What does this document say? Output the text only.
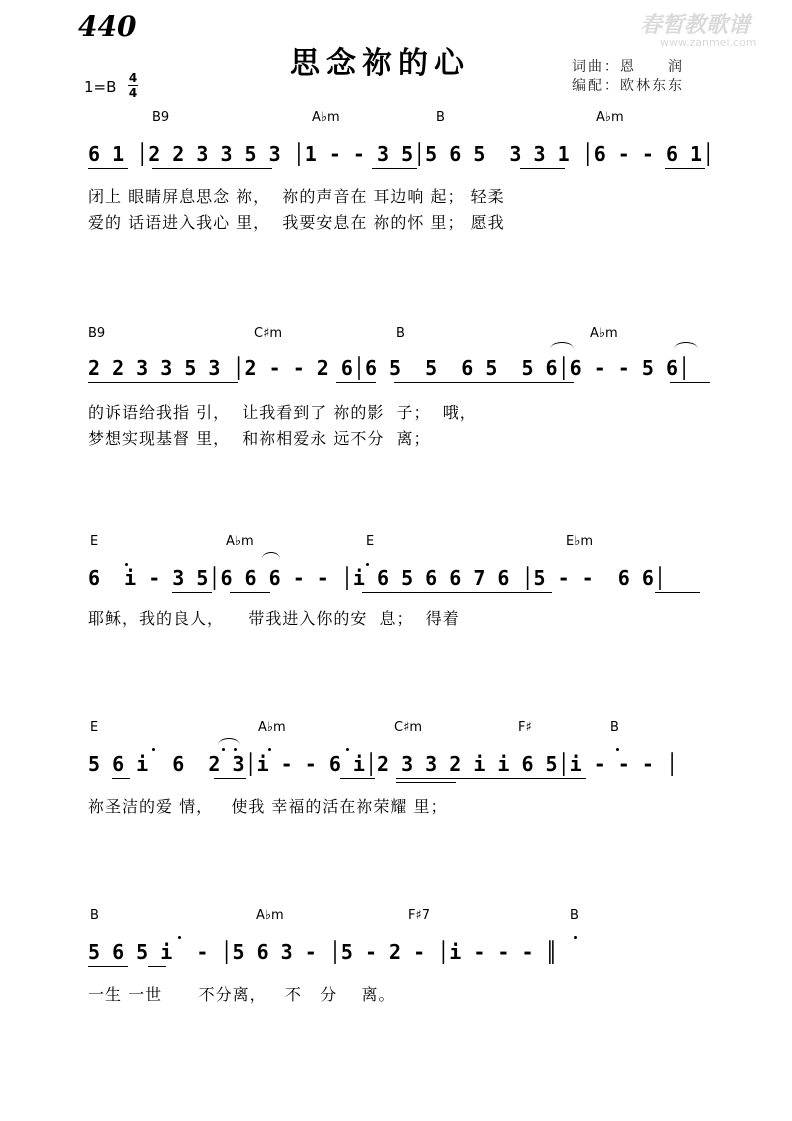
440
思念祢的心	词曲：恩　　润
编配：欧林东东
春暂教歌谱
www.zanmei.com
1=B 4
4
B9	A♭m	B	A♭m
6 1 │2 2 3 3 5 3 │1 - - 3 5│5 6 5  3 3 1 │6 - - 6 1│
闭上 眼睛屏息思念 祢，  祢的声音在 耳边响 起； 轻柔
爱的 话语进入我心 里，  我要安息在 祢的怀 里； 愿我
B9	C♯m	B	A♭m
2 2 3 3 5 3 │2 - - 2 6│6 5  5  6 5  5 6│6 - - 5 6│
的诉语给我指 引，  让我看到了 祢的影  子；  哦，
梦想实现基督 里，  和祢相爱永 远不分  离；
E	A♭m	E	E♭m
6  i - 3 5│6 6 6 - - │i 6 5 6 6 7 6 │5 - -  6 6│
耶稣，我的良人，    带我进入你的安  息；  得着
E	A♭m	C♯m	F♯	B
5 6 i  6  2 3│i - - 6 i│2 3 3 2 i i 6 5│i - - - │
祢圣洁的爱 情，   使我 幸福的活在祢荣耀 里；
B	A♭m	F♯7	B
5 6 5 i  - │5 6 3 - │5 - 2 - │i - - - ║
一生 一世      不分离，   不   分    离。
